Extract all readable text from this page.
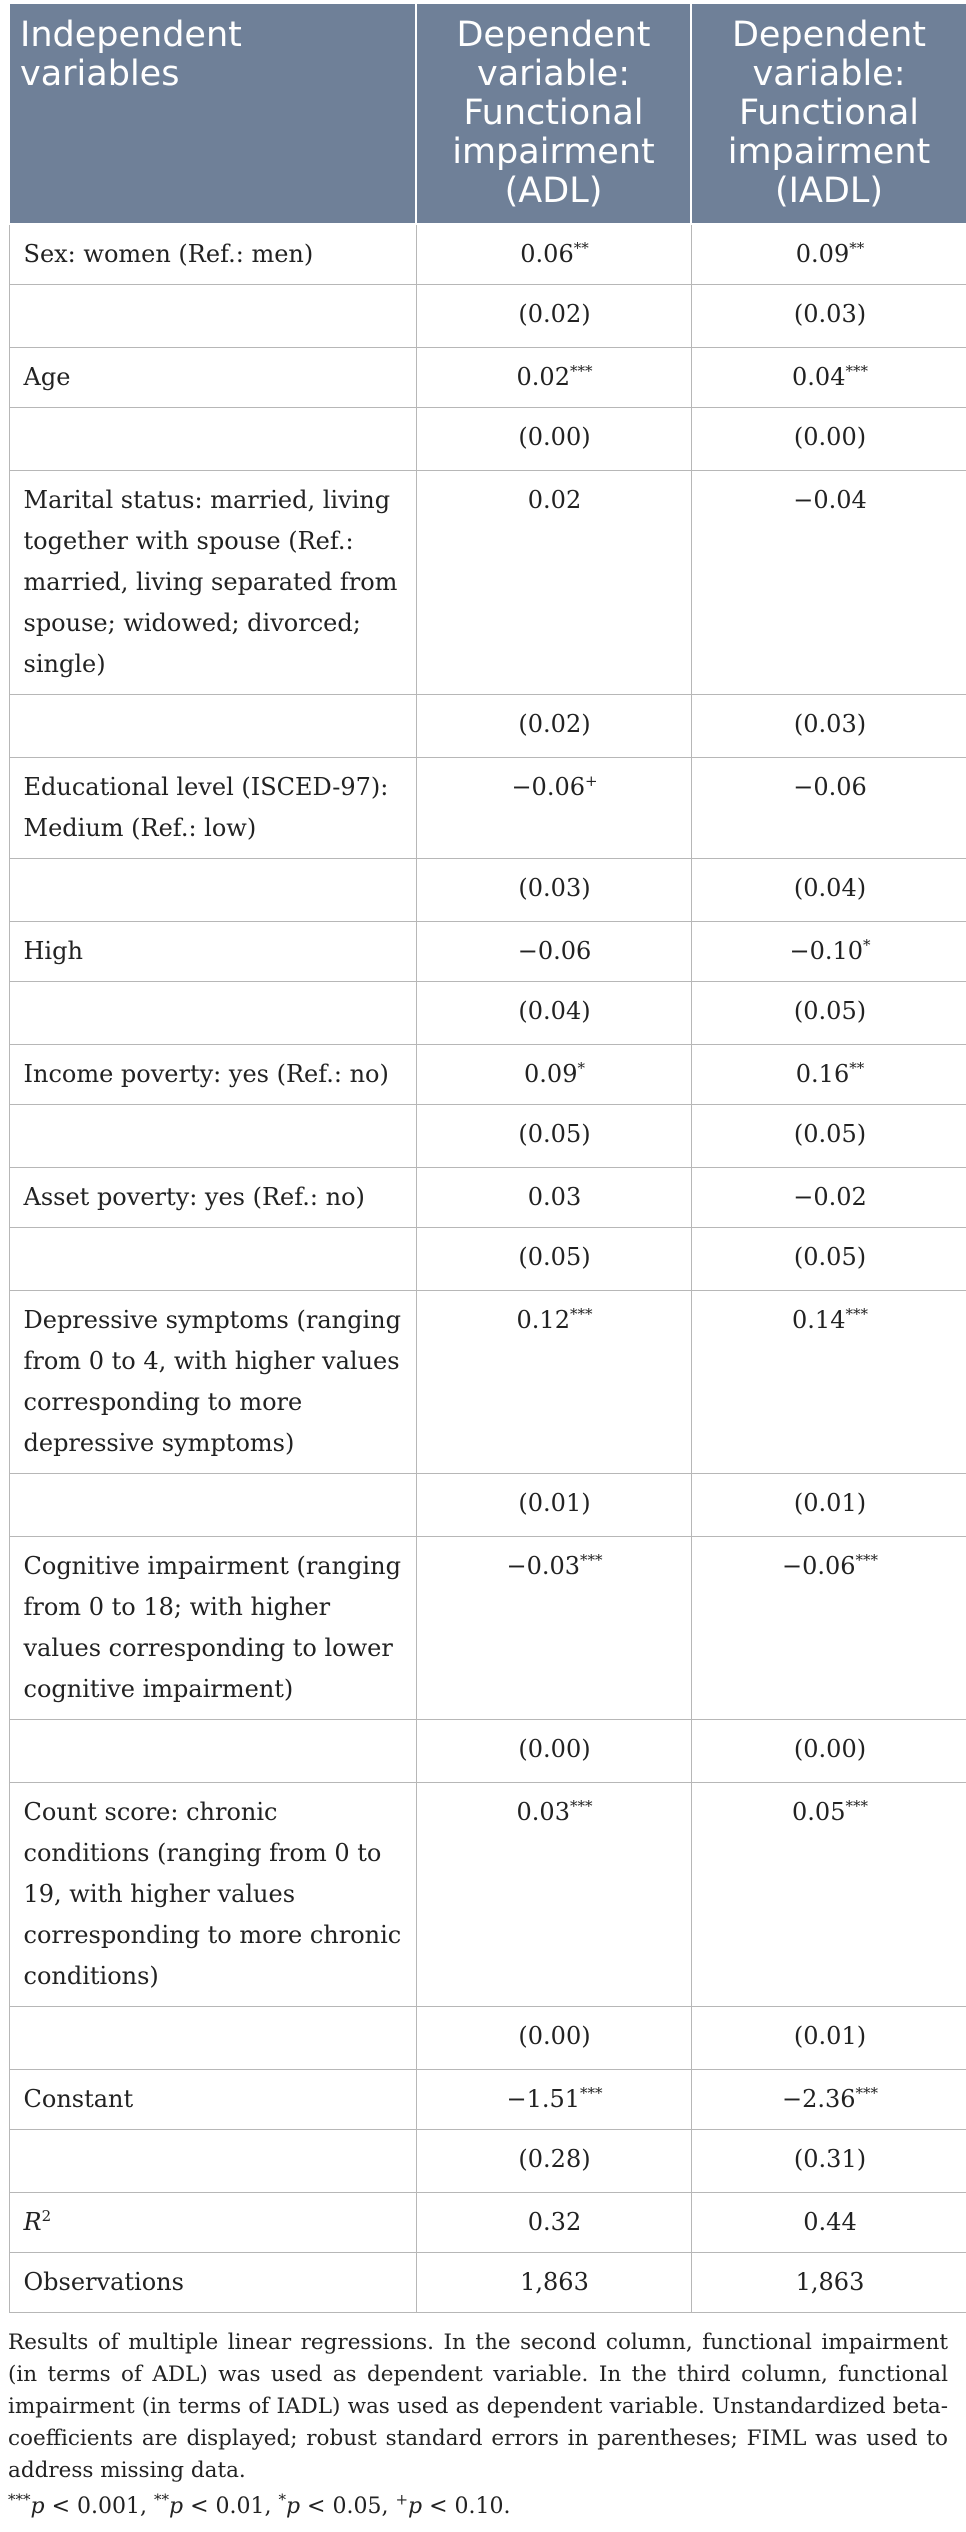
Independent variables	Dependent variable: Functional impairment (ADL)	Dependent variable: Functional impairment (IADL)
Sex: women (Ref.: men)	0.06**	0.09**
	(0.02)	(0.03)
Age	0.02***	0.04***
	(0.00)	(0.00)
Marital status: married, living together with spouse (Ref.: married, living separated from spouse; widowed; divorced; single)	0.02	−0.04
	(0.02)	(0.03)
Educational level (ISCED-97): Medium (Ref.: low)	−0.06+	−0.06
	(0.03)	(0.04)
High	−0.06	−0.10*
	(0.04)	(0.05)
Income poverty: yes (Ref.: no)	0.09*	0.16**
	(0.05)	(0.05)
Asset poverty: yes (Ref.: no)	0.03	−0.02
	(0.05)	(0.05)
Depressive symptoms (ranging from 0 to 4, with higher values corresponding to more depressive symptoms)	0.12***	0.14***
	(0.01)	(0.01)
Cognitive impairment (ranging from 0 to 18; with higher values corresponding to lower cognitive impairment)	−0.03***	−0.06***
	(0.00)	(0.00)
Count score: chronic conditions (ranging from 0 to 19, with higher values corresponding to more chronic conditions)	0.03***	0.05***
	(0.00)	(0.01)
Constant	−1.51***	−2.36***
	(0.28)	(0.31)
$R^2$	0.32	0.44
Observations	1,863	1,863
Results of multiple linear regressions. In the second column, functional impairment (in terms of ADL) was used as dependent variable. In the third column, functional impairment (in terms of IADL) was used as dependent variable. Unstandardized beta-coefficients are displayed; robust standard errors in parentheses; FIML was used to address missing data.
***p < 0.001, **p < 0.01, *p < 0.05, +p < 0.10.
